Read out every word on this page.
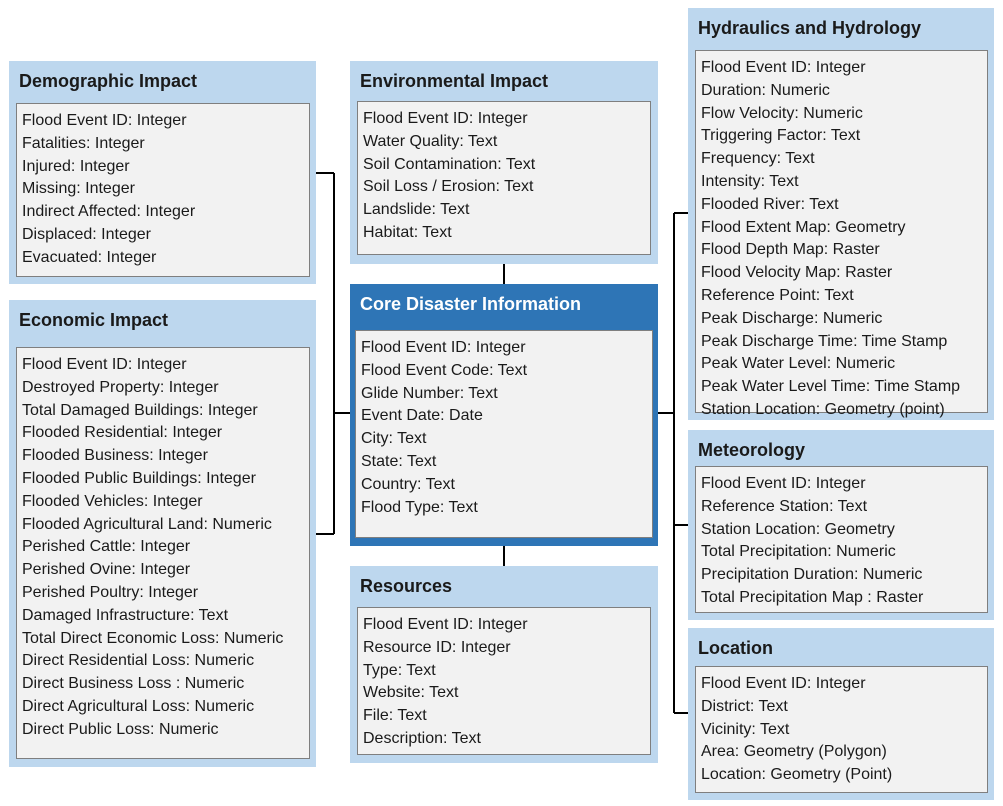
Demographic Impact
Flood Event ID: Integer
Fatalities: Integer
Injured: Integer
Missing: Integer
Indirect Affected: Integer
Displaced: Integer
Evacuated: Integer
Economic Impact
Flood Event ID: Integer
Destroyed Property: Integer
Total Damaged Buildings: Integer
Flooded Residential: Integer
Flooded Business: Integer
Flooded Public Buildings: Integer
Flooded Vehicles: Integer
Flooded Agricultural Land: Numeric
Perished Cattle: Integer
Perished Ovine: Integer
Perished Poultry: Integer
Damaged Infrastructure: Text
Total Direct Economic Loss: Numeric
Direct Residential Loss: Numeric
Direct Business Loss : Numeric
Direct Agricultural Loss: Numeric
Direct Public Loss: Numeric
Environmental Impact
Flood Event ID: Integer
Water Quality: Text
Soil Contamination: Text
Soil Loss / Erosion: Text
Landslide: Text
Habitat: Text
Core Disaster Information
Flood Event ID: Integer
Flood Event Code: Text
Glide Number: Text
Event Date: Date
City: Text
State: Text
Country: Text
Flood Type: Text
Resources
Flood Event ID: Integer
Resource ID: Integer
Type: Text
Website: Text
File: Text
Description: Text
Hydraulics and Hydrology
Flood Event ID: Integer
Duration: Numeric
Flow Velocity: Numeric
Triggering Factor: Text
Frequency: Text
Intensity: Text
Flooded River: Text
Flood Extent Map: Geometry
Flood Depth Map: Raster
Flood Velocity Map: Raster
Reference Point: Text
Peak Discharge: Numeric
Peak Discharge Time: Time Stamp
Peak Water Level: Numeric
Peak Water Level Time: Time Stamp
Station Location: Geometry (point)
Meteorology
Flood Event ID: Integer
Reference Station: Text
Station Location: Geometry
Total Precipitation: Numeric
Precipitation Duration: Numeric
Total Precipitation Map : Raster
Location
Flood Event ID: Integer
District: Text
Vicinity: Text
Area: Geometry (Polygon)
Location: Geometry (Point)
